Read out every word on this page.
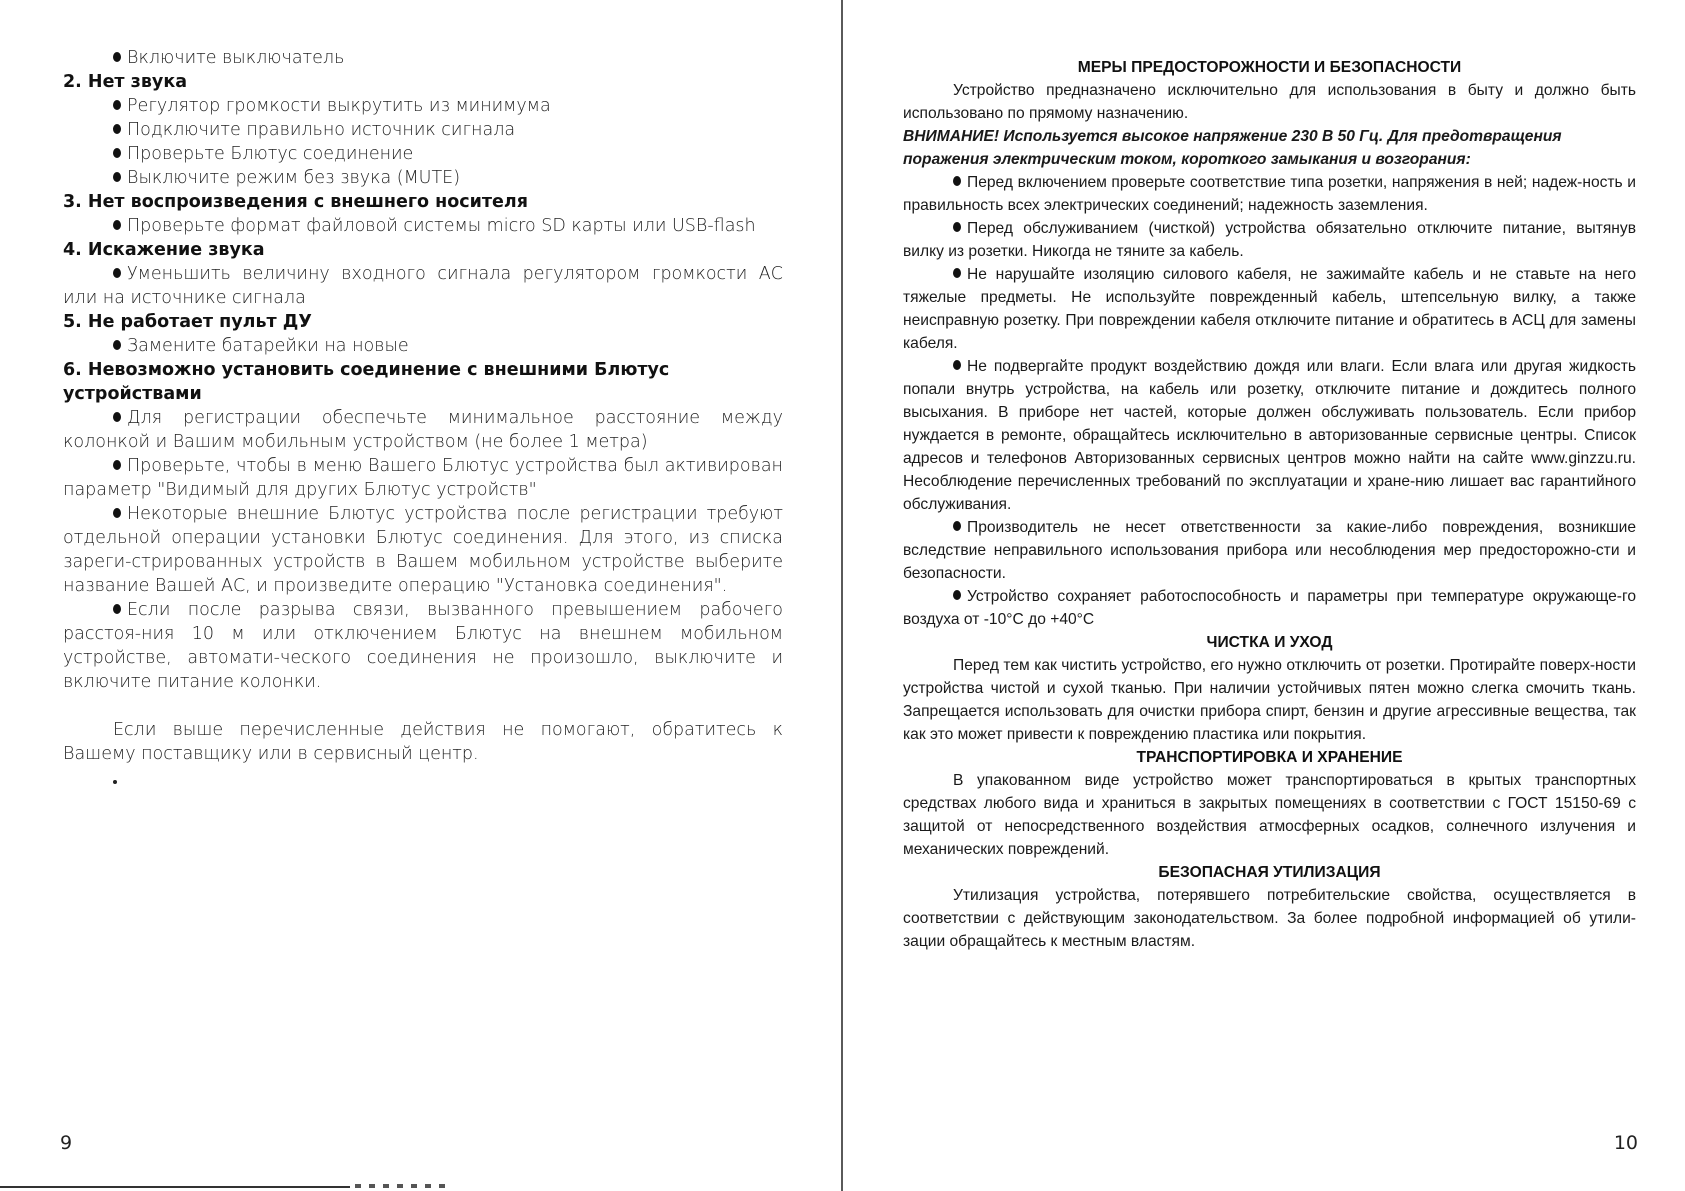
Включите выключатель

2. Нет звука

Регулятор громкости выкрутить из минимума

Подключите правильно источник сигнала

Проверьте Блютус соединение

Выключите режим без звука (MUTE)

3. Нет воспроизведения с внешнего носителя

Проверьте формат файловой системы micro SD карты или USB-flash

4. Искажение звука

Уменьшить величину входного сигнала регулятором громкости АС или на источнике сигнала

5. Не работает пульт ДУ

Замените батарейки на новые

6. Невозможно установить соединение с внешними Блютус устройствами

Для регистрации обеспечьте минимальное расстояние между колонкой и Вашим мобильным устройством (не более 1 метра)

Проверьте, чтобы в меню Вашего Блютус устройства был активирован параметр "Видимый для других Блютус устройств"

Некоторые внешние Блютус устройства после регистрации требуют отдельной операции установки Блютус соединения. Для этого, из списка зареги-стрированных устройств в Вашем мобильном устройстве выберите название Вашей АС, и произведите операцию "Установка соединения".

Если после разрыва связи, вызванного превышением рабочего расстоя-ния 10 м или отключением Блютус на внешнем мобильном устройстве, автомати-ческого соединения не произошло, выключите и включите питание колонки.

Если выше перечисленные действия не помогают, обратитесь к Вашему поставщику или в сервисный центр.

9

МЕРЫ ПРЕДОСТОРОЖНОСТИ И БЕЗОПАСНОСТИ

Устройство предназначено исключительно для использования в быту и должно быть использовано по прямому назначению.

ВНИМАНИЕ! Используется высокое напряжение 230 В 50 Гц. Для предотвращения поражения электрическим током, короткого замыкания и возгорания:

Перед включением проверьте соответствие типа розетки, напряжения в ней; надеж-ность и правильность всех электрических соединений; надежность заземления.

Перед обслуживанием (чисткой) устройства обязательно отключите питание, вытянув вилку из розетки. Никогда не тяните за кабель.

Не нарушайте изоляцию силового кабеля, не зажимайте кабель и не ставьте на него тяжелые предметы. Не используйте поврежденный кабель, штепсельную вилку, а также неисправную розетку. При повреждении кабеля отключите питание и обратитесь в АСЦ для замены кабеля.

Не подвергайте продукт воздействию дождя или влаги. Если влага или другая жидкость попали внутрь устройства, на кабель или розетку, отключите питание и дождитесь полного высыхания. В приборе нет частей, которые должен обслуживать пользователь. Если прибор нуждается в ремонте, обращайтесь исключительно в авторизованные сервисные центры. Список адресов и телефонов Авторизованных сервисных центров можно найти на сайте www.ginzzu.ru. Несоблюдение перечисленных требований по эксплуатации и хране-нию лишает вас гарантийного обслуживания.

Производитель не несет ответственности за какие-либо повреждения, возникшие вследствие неправильного использования прибора или несоблюдения мер предосторожно-сти и безопасности.

Устройство сохраняет работоспособность и параметры при температуре окружающе-го воздуха от -10°С до +40°С

ЧИСТКА И УХОД

Перед тем как чистить устройство, его нужно отключить от розетки. Протирайте поверх-ности устройства чистой и сухой тканью. При наличии устойчивых пятен можно слегка смочить ткань. Запрещается использовать для очистки прибора спирт, бензин и другие агрессивные вещества, так как это может привести к повреждению пластика или покрытия.

ТРАНСПОРТИРОВКА И ХРАНЕНИЕ

В упакованном виде устройство может транспортироваться в крытых транспортных средствах любого вида и храниться в закрытых помещениях в соответствии с ГОСТ 15150-69 с защитой от непосредственного воздействия атмосферных осадков, солнечного излучения и механических повреждений.

БЕЗОПАСНАЯ УТИЛИЗАЦИЯ

Утилизация устройства, потерявшего потребительские свойства, осуществляется в соответствии с действующим законодательством. За более подробной информацией об утили-зации обращайтесь к местным властям.

10
